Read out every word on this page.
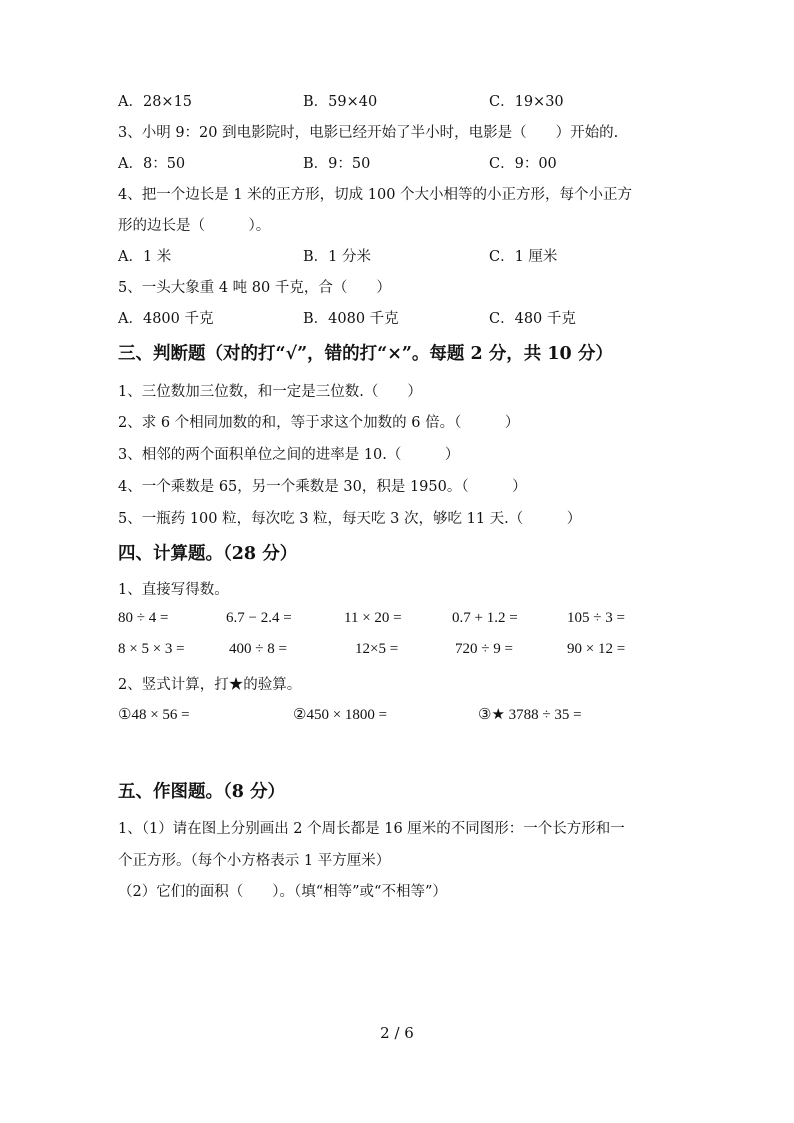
A．28×15	B．59×40	C．19×30
3、小明 9：20 到电影院时，电影已经开始了半小时，电影是（　　）开始的.
A．8：50	B．9：50	C．9：00
4、把一个边长是 1 米的正方形，切成 100 个大小相等的小正方形，每个小正方
形的边长是（　　　）。
A．1 米	B．1 分米	C．1 厘米
5、一头大象重 4 吨 80 千克，合（　　）
A．4800 千克	B．4080 千克	C．480 千克
三、判断题（对的打“√”，错的打“×”。每题 2 分，共 10 分）
1、三位数加三位数，和一定是三位数.（　　）
2、求 6 个相同加数的和，等于求这个加数的 6 倍。（　　　）
3、相邻的两个面积单位之间的进率是 10.（　　　）
4、一个乘数是 65，另一个乘数是 30，积是 1950。（　　　）
5、一瓶药 100 粒，每次吃 3 粒，每天吃 3 次，够吃 11 天.（　　　）
四、计算题。（28 分）
1、直接写得数。
80 ÷ 4 =	6.7 − 2.4 =	11 × 20 =	0.7 + 1.2 =	105 ÷ 3 =
8 × 5 × 3 =	400 ÷ 8 =	12×5 =	720 ÷ 9 =	90 × 12 =
2、竖式计算，打★的验算。
①48 × 56 =	②450 × 1800 =	③★ 3788 ÷ 35 =
五、作图题。（8 分）
1、（1）请在图上分别画出 2 个周长都是 16 厘米的不同图形：一个长方形和一
个正方形。（每个小方格表示 1 平方厘米）
（2）它们的面积（　　）。（填“相等”或“不相等”）
2 / 6
